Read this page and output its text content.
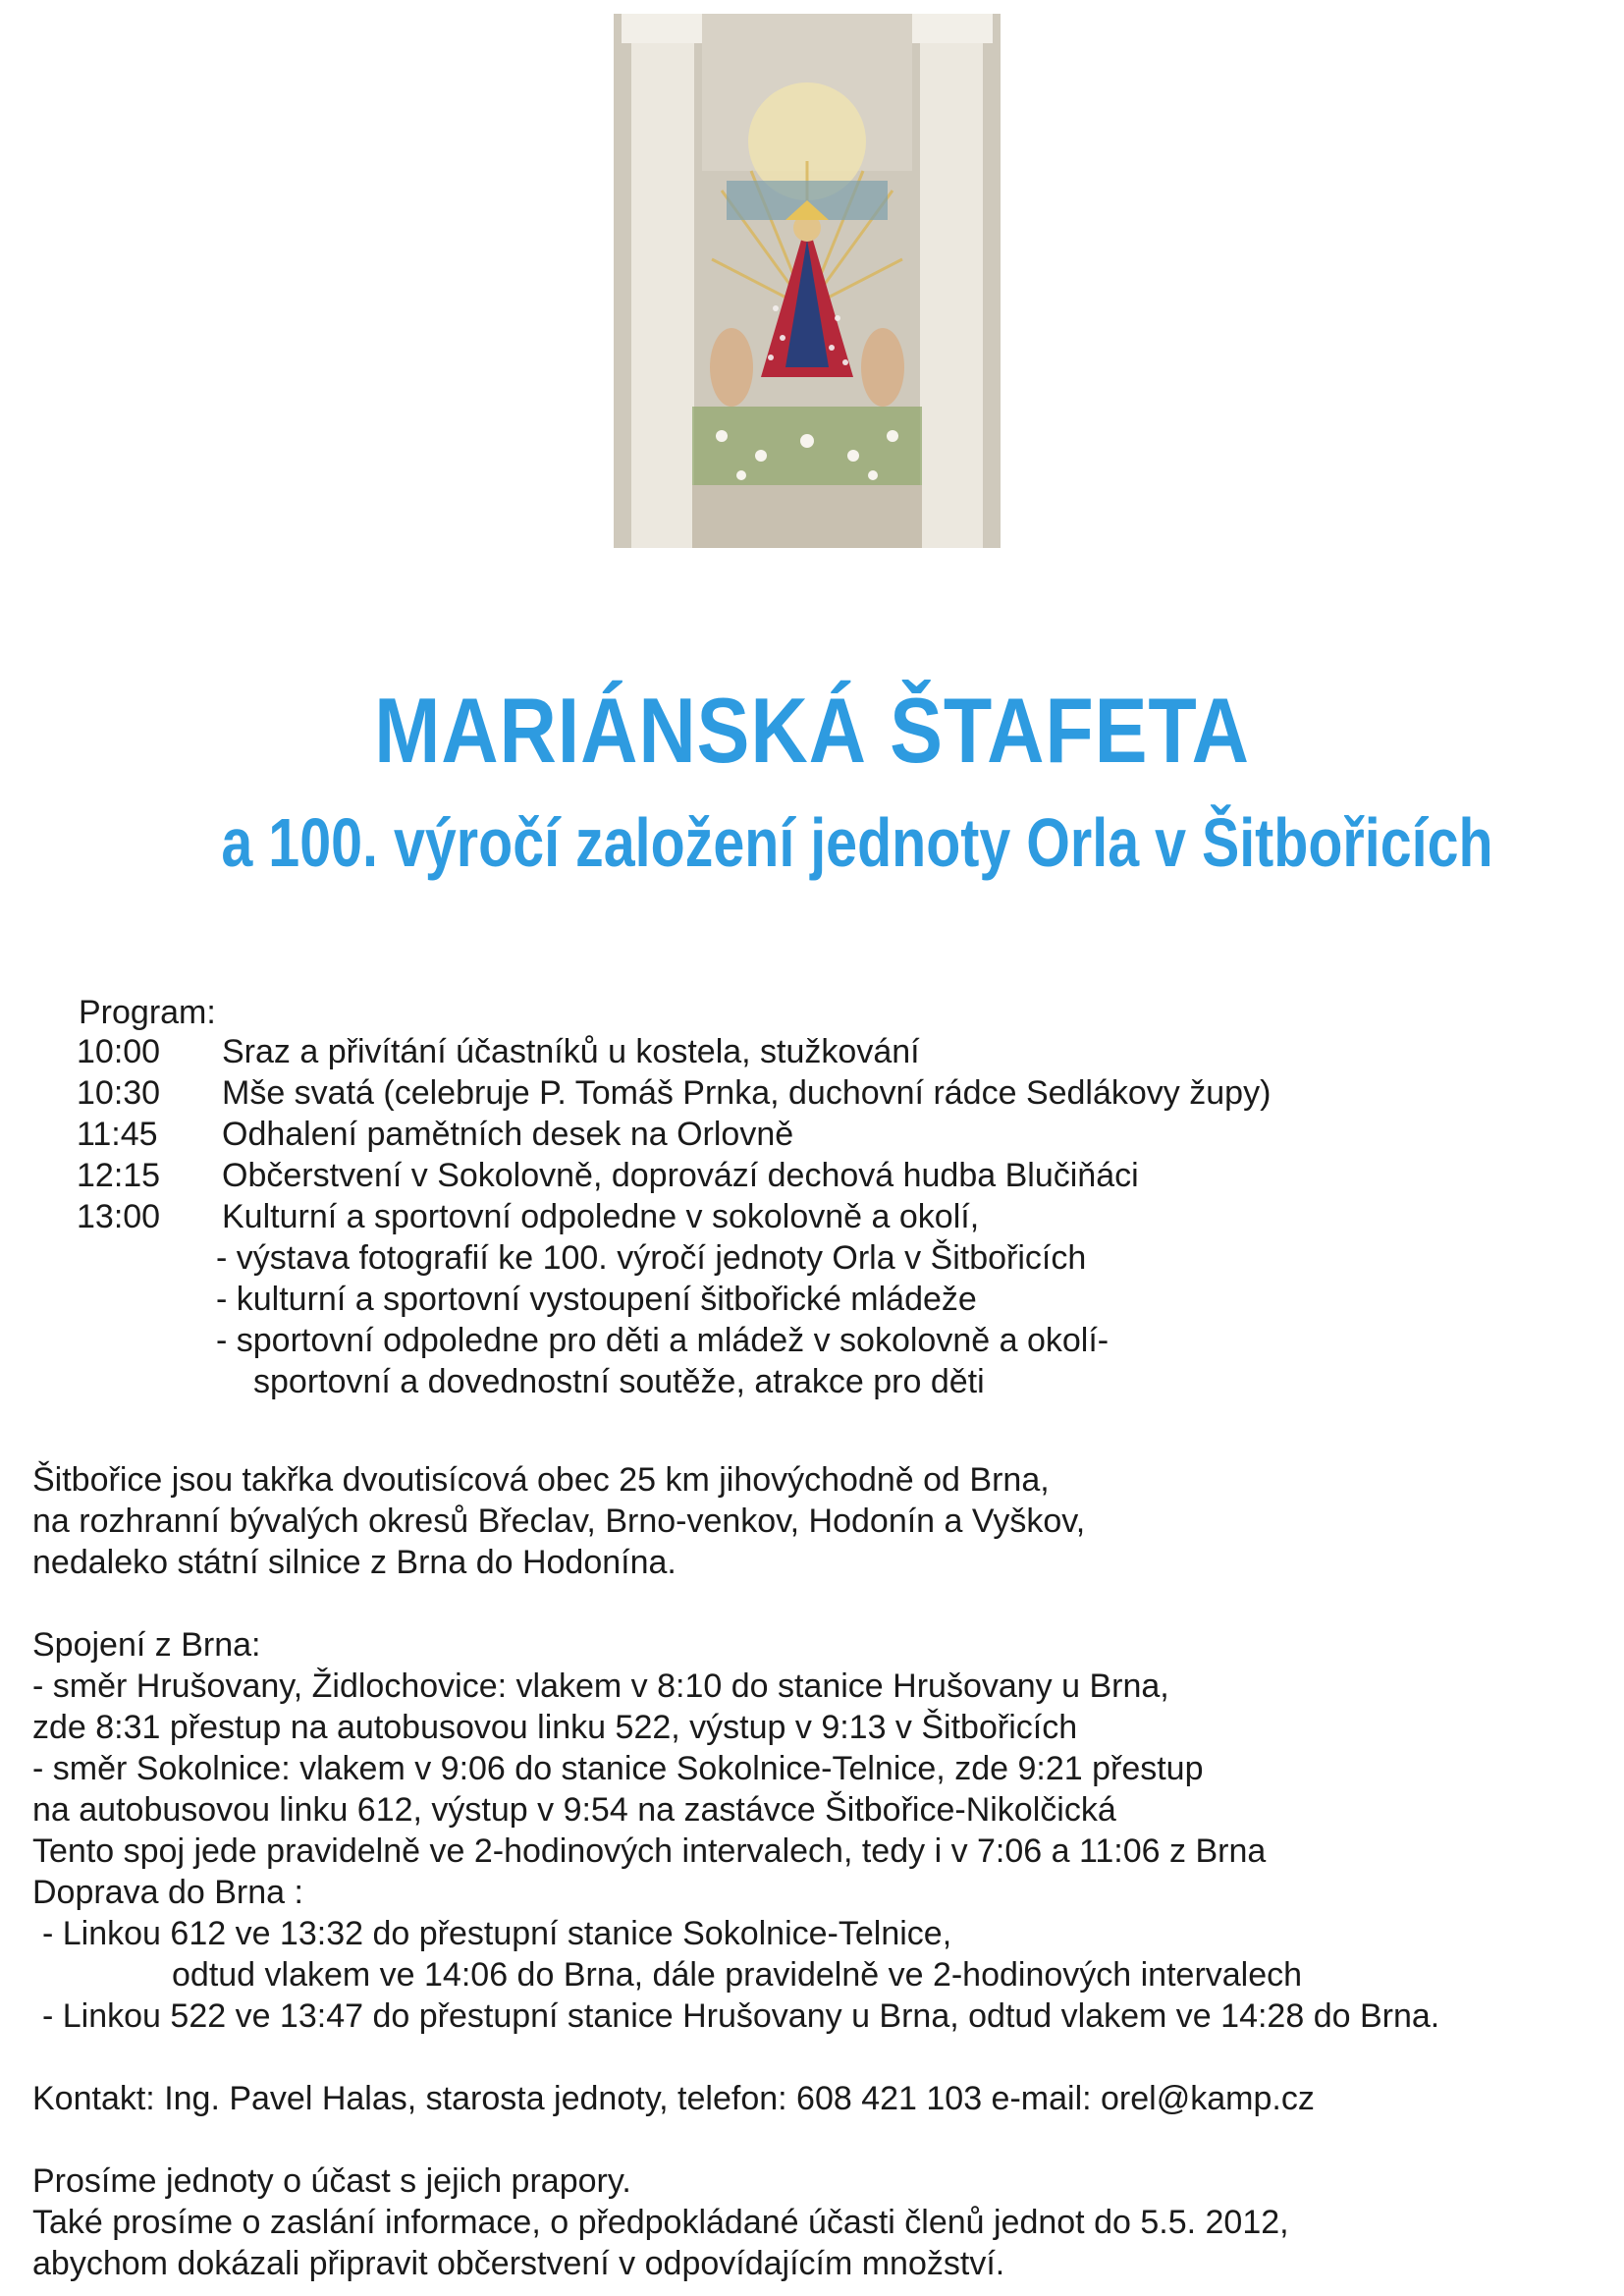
MARIÁNSKÁ ŠTAFETA
a 100. výročí založení jednoty Orla v Šitbořicích
Program:
10:00 Sraz a přivítání účastníků u kostela, stužkování
10:30 Mše svatá (celebruje P. Tomáš Prnka, duchovní rádce Sedlákovy župy)
11:45 Odhalení pamětních desek na Orlovně
12:15 Občerstvení v Sokolovně, doprovází dechová hudba Blučiňáci
13:00 Kulturní a sportovní odpoledne v sokolovně a okolí,
- výstava fotografií ke 100. výročí jednoty Orla v Šitbořicích
- kulturní a sportovní vystoupení šitbořické mládeže
- sportovní odpoledne pro děti a mládež v sokolovně a okolí-
sportovní a dovednostní soutěže, atrakce pro děti
Šitbořice jsou takřka dvoutisícová obec 25 km jihovýchodně od Brna,
na rozhranní bývalých okresů Břeclav, Brno-venkov, Hodonín a Vyškov,
nedaleko státní silnice z Brna do Hodonína.
Spojení z Brna:
- směr Hrušovany, Židlochovice: vlakem v 8:10 do stanice Hrušovany u Brna,
zde 8:31 přestup na autobusovou linku 522, výstup v 9:13 v Šitbořicích
- směr Sokolnice: vlakem v 9:06 do stanice Sokolnice-Telnice, zde 9:21 přestup
na autobusovou linku 612, výstup v 9:54 na zastávce Šitbořice-Nikolčická
Tento spoj jede pravidelně ve 2-hodinových intervalech, tedy i v 7:06 a 11:06 z Brna
Doprava do Brna :
- Linkou 612 ve 13:32 do přestupní stanice Sokolnice-Telnice,
odtud vlakem ve 14:06 do Brna, dále pravidelně ve 2-hodinových intervalech
- Linkou 522 ve 13:47 do přestupní stanice Hrušovany u Brna, odtud vlakem ve 14:28 do Brna.
Kontakt: Ing. Pavel Halas, starosta jednoty, telefon: 608 421 103 e-mail: orel@kamp.cz
Prosíme jednoty o účast s jejich prapory.
Také prosíme o zaslání informace, o předpokládané účasti členů jednot do 5.5. 2012,
abychom dokázali připravit občerstvení v odpovídajícím množství.
